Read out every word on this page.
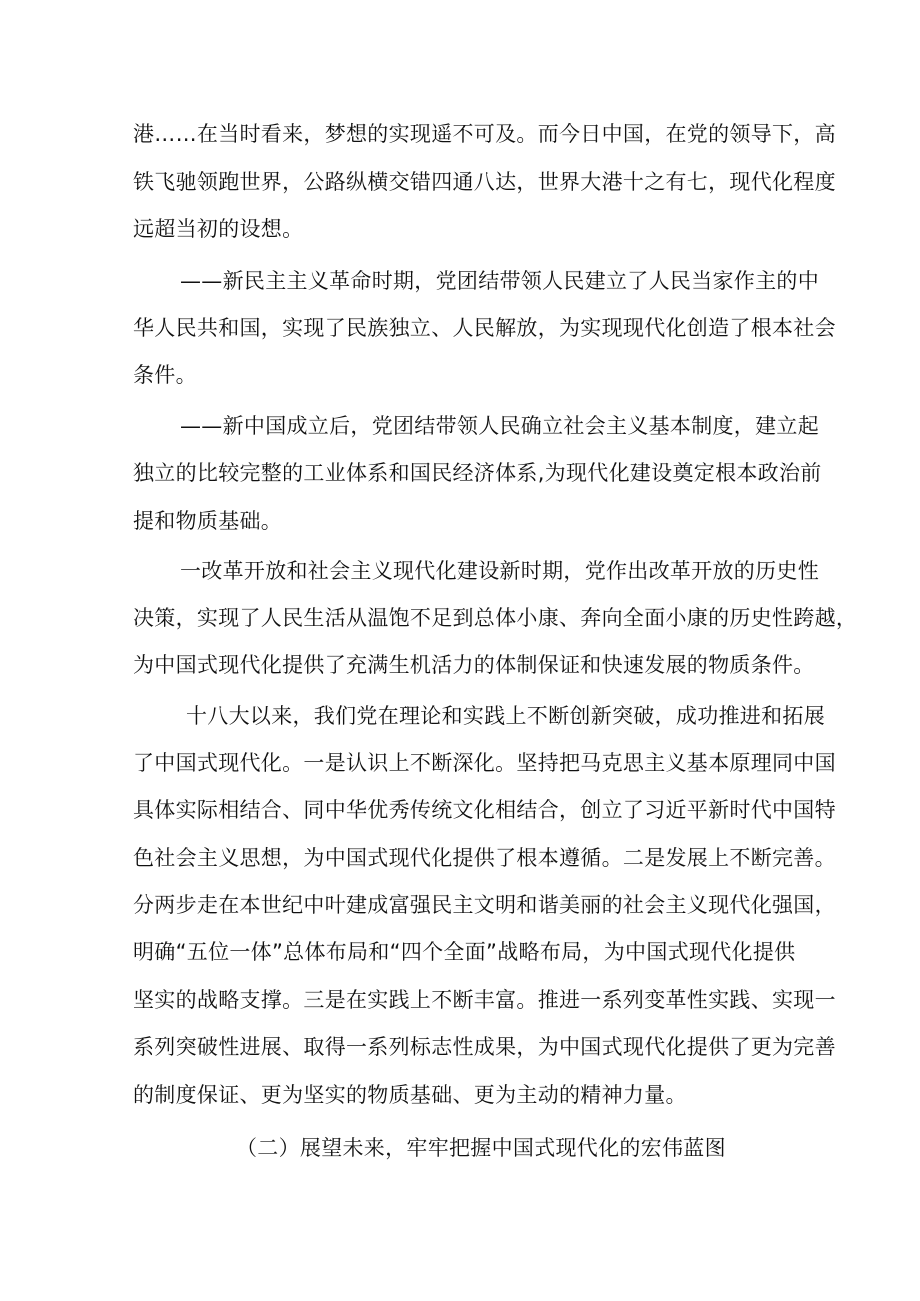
港……在当时看来，梦想的实现遥不可及。而今日中国，在党的领导下，高
铁飞驰领跑世界，公路纵横交错四通八达，世界大港十之有七，现代化程度
远超当初的设想。
——新民主主义革命时期，党团结带领人民建立了人民当家作主的中
华人民共和国，实现了民族独立、人民解放，为实现现代化创造了根本社会
条件。
——新中国成立后，党团结带领人民确立社会主义基本制度，建立起
独立的比较完整的工业体系和国民经济体系,为现代化建设奠定根本政治前
提和物质基础。
一改革开放和社会主义现代化建设新时期，党作出改革开放的历史性
决策，实现了人民生活从温饱不足到总体小康、奔向全面小康的历史性跨越，
为中国式现代化提供了充满生机活力的体制保证和快速发展的物质条件。
十八大以来，我们党在理论和实践上不断创新突破，成功推进和拓展
了中国式现代化。一是认识上不断深化。坚持把马克思主义基本原理同中国
具体实际相结合、同中华优秀传统文化相结合，创立了习近平新时代中国特
色社会主义思想，为中国式现代化提供了根本遵循。二是发展上不断完善。
分两步走在本世纪中叶建成富强民主文明和谐美丽的社会主义现代化强国，
明确“五位一体”总体布局和“四个全面”战略布局，为中国式现代化提供
坚实的战略支撑。三是在实践上不断丰富。推进一系列变革性实践、实现一
系列突破性进展、取得一系列标志性成果，为中国式现代化提供了更为完善
的制度保证、更为坚实的物质基础、更为主动的精神力量。
（二）展望未来，牢牢把握中国式现代化的宏伟蓝图
